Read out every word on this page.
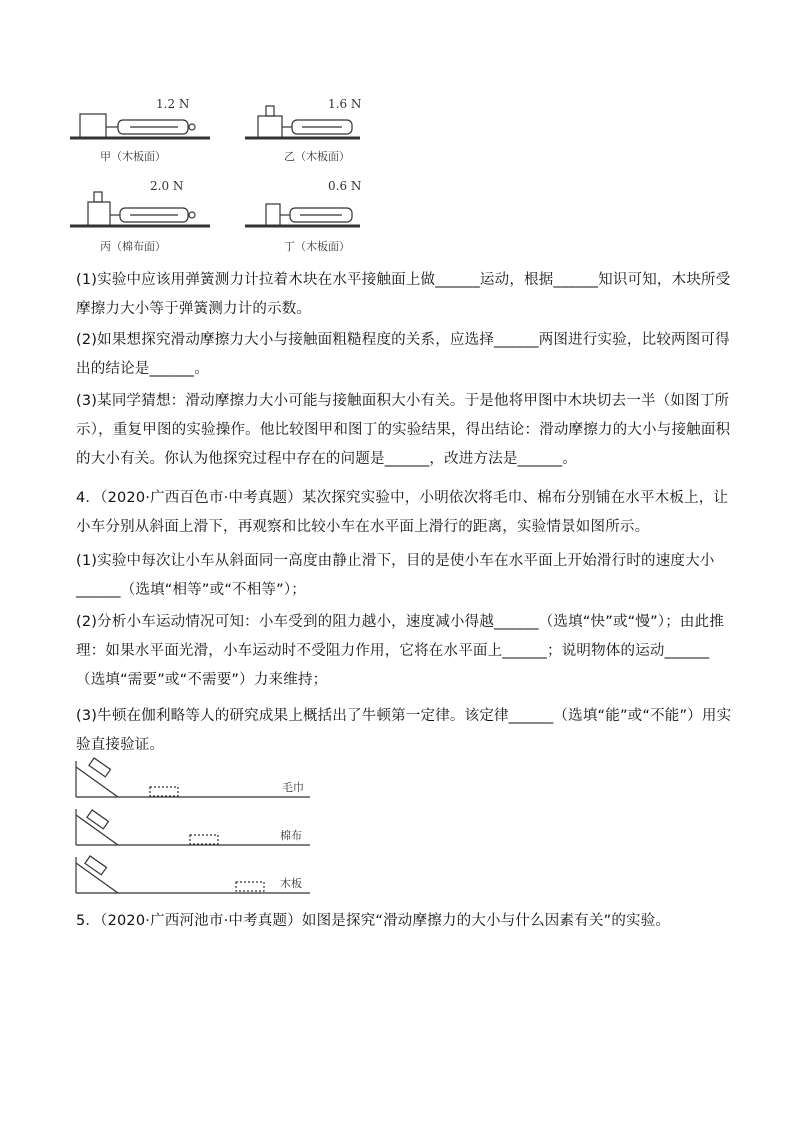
1.2 N
甲（木板面）
1.6 N
乙（木板面）
2.0 N
丙（棉布面）
0.6 N
丁（木板面）
(1)实验中应该用弹簧测力计拉着木块在水平接触面上做______运动，根据______知识可知，木块所受摩擦力大小等于弹簧测力计的示数。
(2)如果想探究滑动摩擦力大小与接触面粗糙程度的关系，应选择______两图进行实验，比较两图可得出的结论是______。
(3)某同学猜想：滑动摩擦力大小可能与接触面积大小有关。于是他将甲图中木块切去一半（如图丁所示），重复甲图的实验操作。他比较图甲和图丁的实验结果，得出结论：滑动摩擦力的大小与接触面积的大小有关。你认为他探究过程中存在的问题是______，改进方法是______。
4．（2020·广西百色市·中考真题）某次探究实验中，小明依次将毛巾、棉布分别铺在水平木板上，让小车分别从斜面上滑下，再观察和比较小车在水平面上滑行的距离，实验情景如图所示。
(1)实验中每次让小车从斜面同一高度由静止滑下，目的是使小车在水平面上开始滑行时的速度大小______（选填“相等”或“不相等”）；
(2)分析小车运动情况可知：小车受到的阻力越小，速度减小得越______（选填“快”或“慢”）；由此推理：如果水平面光滑，小车运动时不受阻力作用，它将在水平面上______；说明物体的运动______（选填“需要”或“不需要”）力来维持；
(3)牛顿在伽利略等人的研究成果上概括出了牛顿第一定律。该定律______（选填“能”或“不能”）用实验直接验证。
毛巾
棉布
木板
5．（2020·广西河池市·中考真题）如图是探究“滑动摩擦力的大小与什么因素有关”的实验。
